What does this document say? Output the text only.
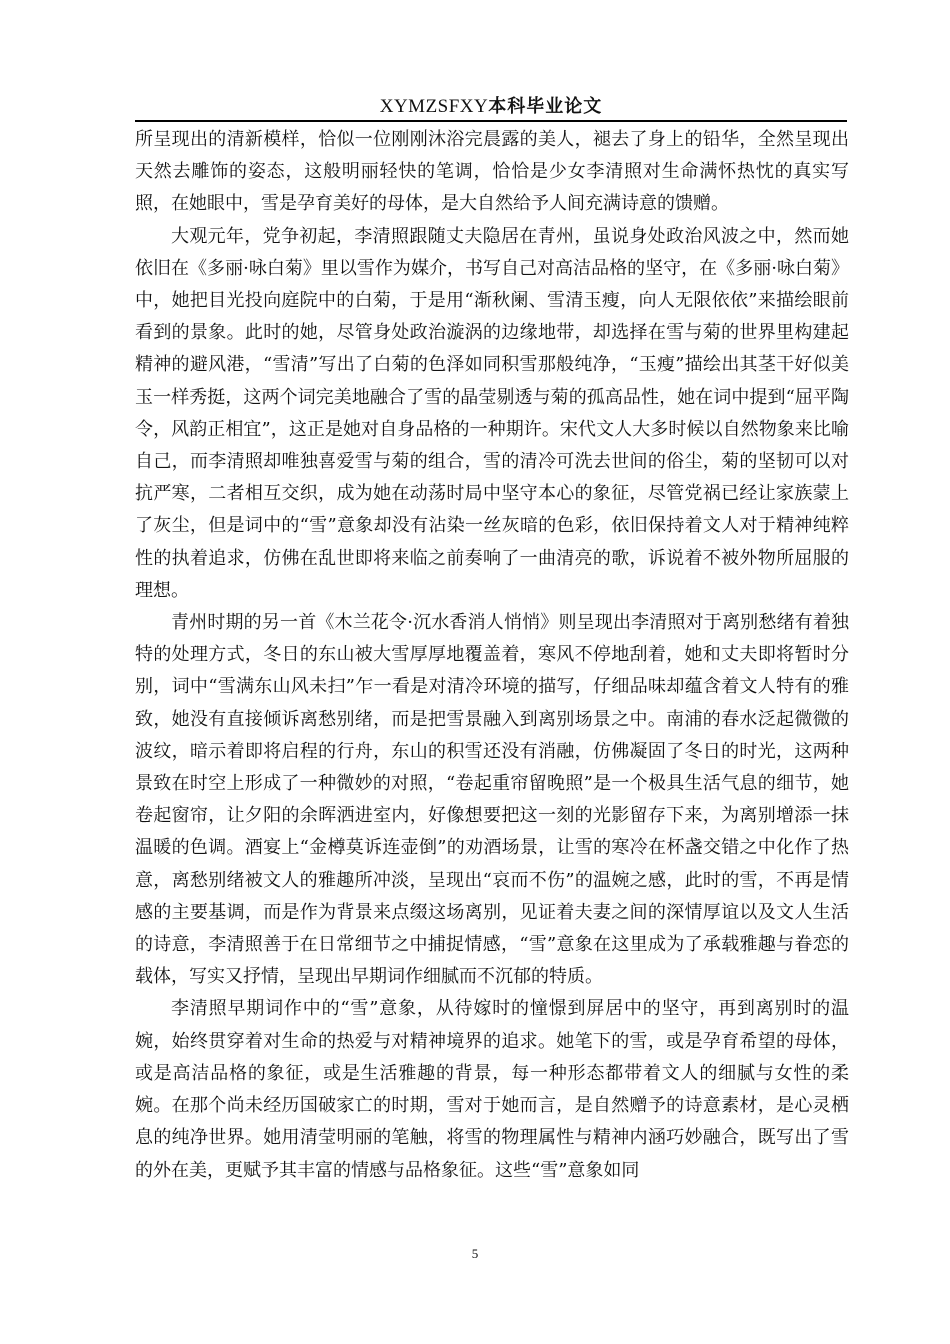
XYMZSFXY本科毕业论文

所呈现出的清新模样，恰似一位刚刚沐浴完晨露的美人，褪去了身上的铅华，全然呈现出天然去雕饰的姿态，这般明丽轻快的笔调，恰恰是少女李清照对生命满怀热忱的真实写照，在她眼中，雪是孕育美好的母体，是大自然给予人间充满诗意的馈赠。

大观元年，党争初起，李清照跟随丈夫隐居在青州，虽说身处政治风波之中，然而她依旧在《多丽·咏白菊》里以雪作为媒介，书写自己对高洁品格的坚守，在《多丽·咏白菊》中，她把目光投向庭院中的白菊，于是用“渐秋阑、雪清玉瘦，向人无限依依”来描绘眼前看到的景象。此时的她，尽管身处政治漩涡的边缘地带，却选择在雪与菊的世界里构建起精神的避风港，“雪清”写出了白菊的色泽如同积雪那般纯净，“玉瘦”描绘出其茎干好似美玉一样秀挺，这两个词完美地融合了雪的晶莹剔透与菊的孤高品性，她在词中提到“屈平陶令，风韵正相宜”，这正是她对自身品格的一种期许。宋代文人大多时候以自然物象来比喻自己，而李清照却唯独喜爱雪与菊的组合，雪的清冷可洗去世间的俗尘，菊的坚韧可以对抗严寒，二者相互交织，成为她在动荡时局中坚守本心的象征，尽管党祸已经让家族蒙上了灰尘，但是词中的“雪”意象却没有沾染一丝灰暗的色彩，依旧保持着文人对于精神纯粹性的执着追求，仿佛在乱世即将来临之前奏响了一曲清亮的歌，诉说着不被外物所屈服的理想。

青州时期的另一首《木兰花令·沉水香消人悄悄》则呈现出李清照对于离别愁绪有着独特的处理方式，冬日的东山被大雪厚厚地覆盖着，寒风不停地刮着，她和丈夫即将暂时分别，词中“雪满东山风未扫”乍一看是对清冷环境的描写，仔细品味却蕴含着文人特有的雅致，她没有直接倾诉离愁别绪，而是把雪景融入到离别场景之中。南浦的春水泛起微微的波纹，暗示着即将启程的行舟，东山的积雪还没有消融，仿佛凝固了冬日的时光，这两种景致在时空上形成了一种微妙的对照，“卷起重帘留晚照”是一个极具生活气息的细节，她卷起窗帘，让夕阳的余晖洒进室内，好像想要把这一刻的光影留存下来，为离别增添一抹温暖的色调。酒宴上“金樽莫诉连壶倒”的劝酒场景，让雪的寒冷在杯盏交错之中化作了热意，离愁别绪被文人的雅趣所冲淡，呈现出“哀而不伤”的温婉之感，此时的雪，不再是情感的主要基调，而是作为背景来点缀这场离别，见证着夫妻之间的深情厚谊以及文人生活的诗意，李清照善于在日常细节之中捕捉情感，“雪”意象在这里成为了承载雅趣与眷恋的载体，写实又抒情，呈现出早期词作细腻而不沉郁的特质。

李清照早期词作中的“雪”意象，从待嫁时的憧憬到屏居中的坚守，再到离别时的温婉，始终贯穿着对生命的热爱与对精神境界的追求。她笔下的雪，或是孕育希望的母体，或是高洁品格的象征，或是生活雅趣的背景，每一种形态都带着文人的细腻与女性的柔婉。在那个尚未经历国破家亡的时期，雪对于她而言，是自然赠予的诗意素材，是心灵栖息的纯净世界。她用清莹明丽的笔触，将雪的物理属性与精神内涵巧妙融合，既写出了雪的外在美，更赋予其丰富的情感与品格象征。这些“雪”意象如同

5
